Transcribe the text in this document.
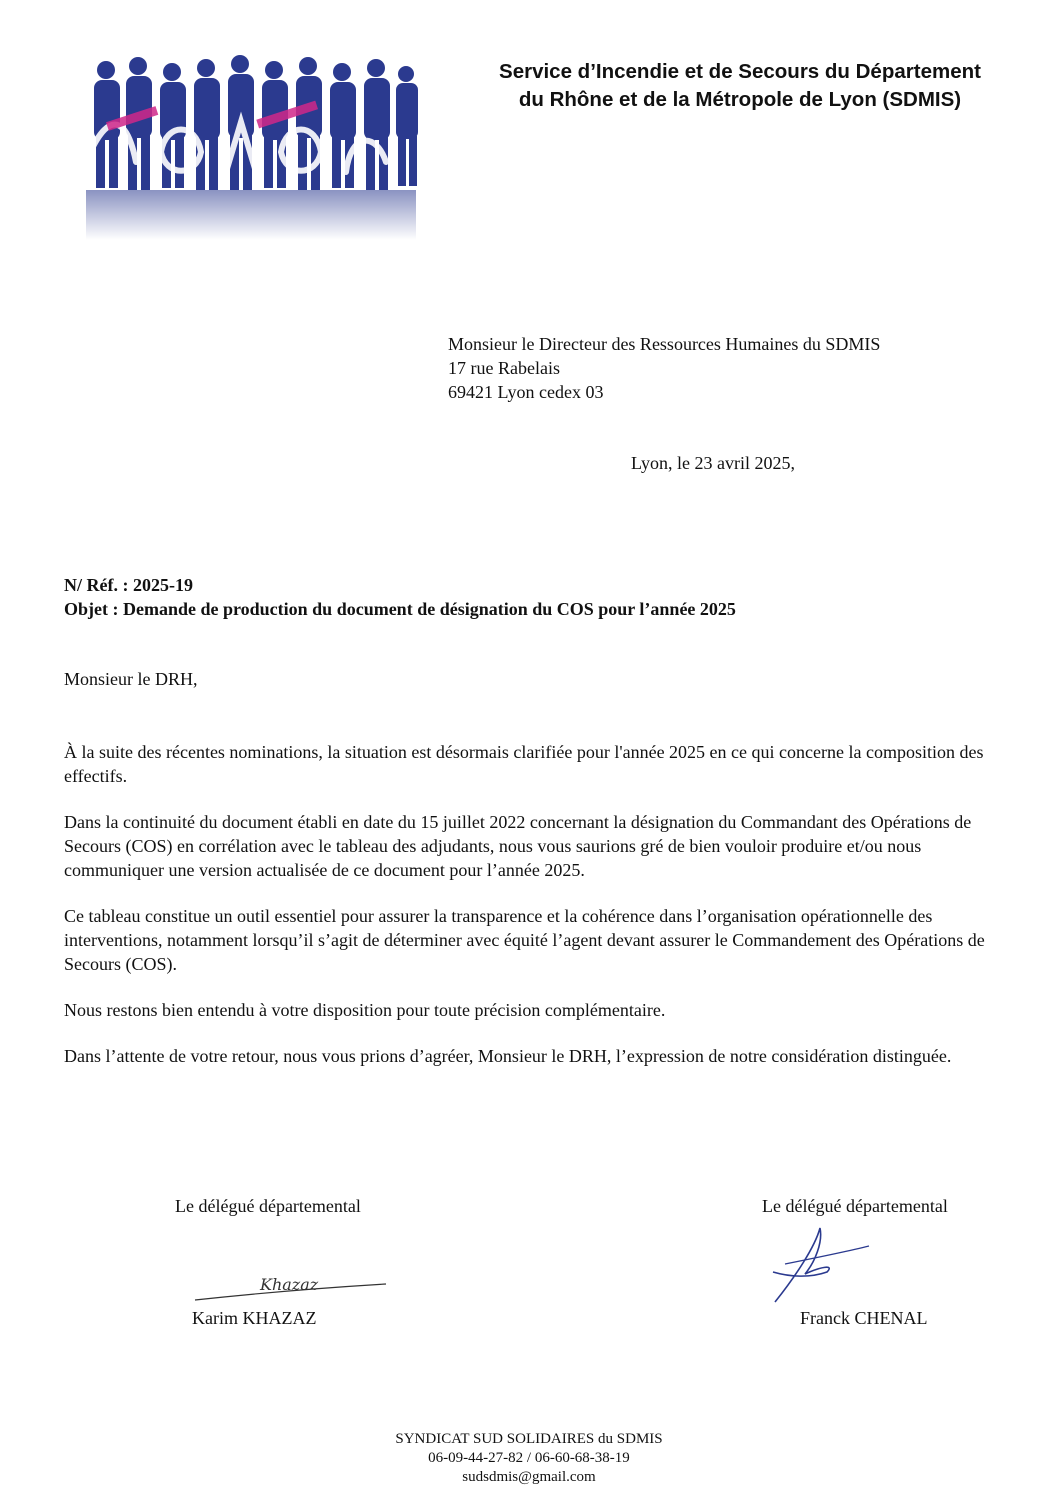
Service d’Incendie et de Secours du Département
du Rhône et de la Métropole de Lyon (SDMIS)
Monsieur le Directeur des Ressources Humaines du SDMIS
17 rue Rabelais
69421 Lyon cedex 03
Lyon, le 23 avril 2025,
N/ Réf. : 2025-19
Objet : Demande de production du document de désignation du COS pour l’année 2025
Monsieur le DRH,

À la suite des récentes nominations, la situation est désormais clarifiée pour l'année 2025 en ce qui concerne la composition des effectifs.

Dans la continuité du document établi en date du 15 juillet 2022 concernant la désignation du Commandant des Opérations de Secours (COS) en corrélation avec le tableau des adjudants, nous vous saurions gré de bien vouloir produire et/ou nous communiquer une version actualisée de ce document pour l’année 2025.

Ce tableau constitue un outil essentiel pour assurer la transparence et la cohérence dans l’organisation opérationnelle des interventions, notamment lorsqu’il s’agit de déterminer avec équité l’agent devant assurer le Commandement des Opérations de Secours (COS).

Nous restons bien entendu à votre disposition pour toute précision complémentaire.

Dans l’attente de votre retour, nous vous prions d’agréer, Monsieur le DRH, l’expression de notre considération distinguée.

Le délégué départemental
Khazaz
Karim KHAZAZ
Le délégué départemental
Franck CHENAL
SYNDICAT SUD SOLIDAIRES du SDMIS
06-09-44-27-82 / 06-60-68-38-19
sudsdmis@gmail.com
